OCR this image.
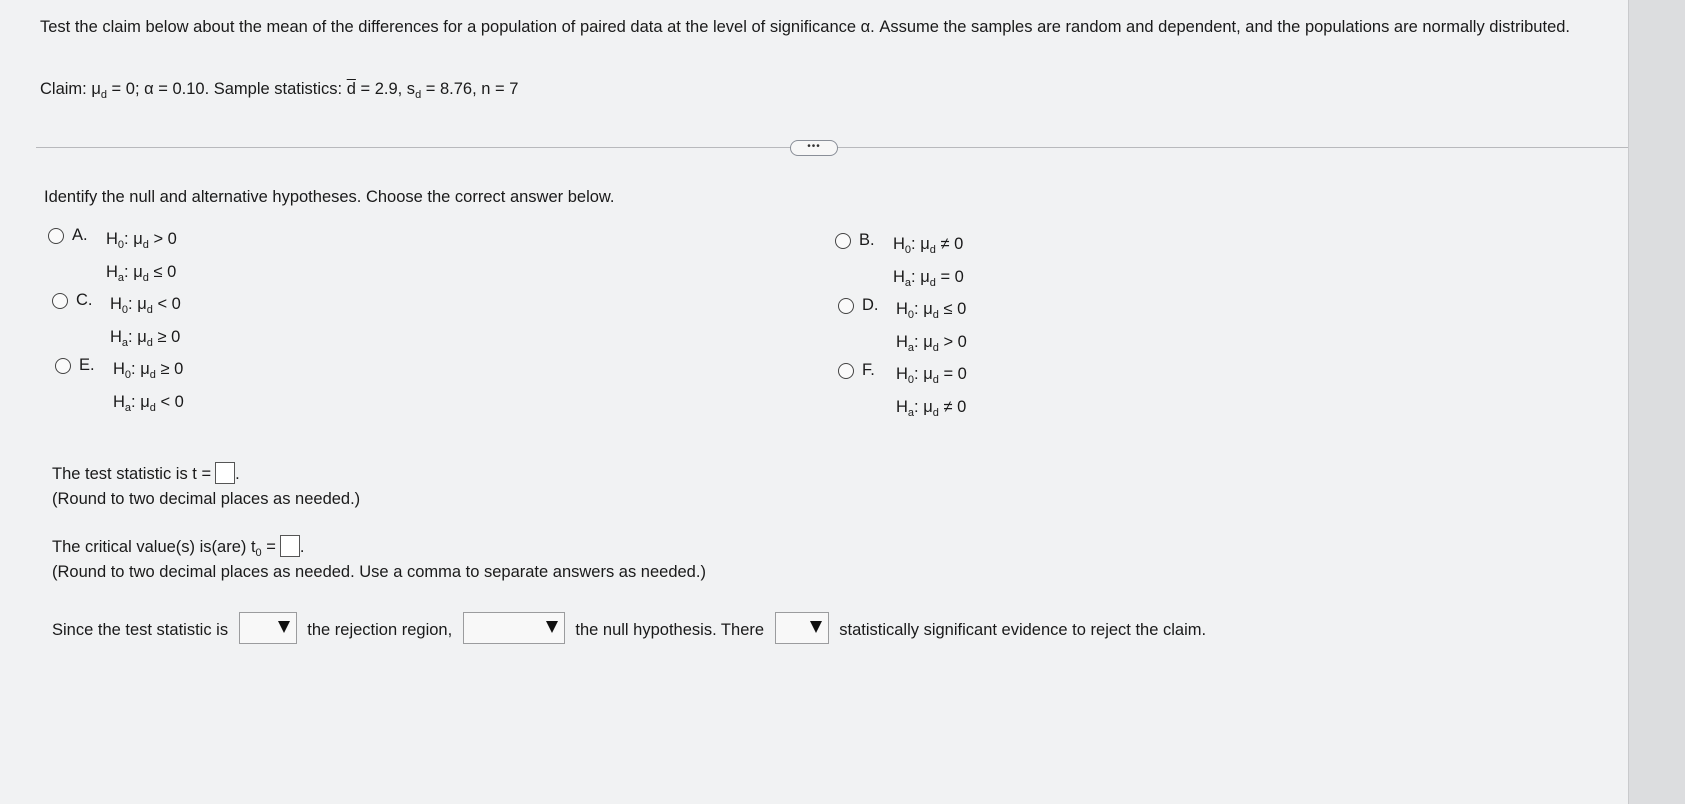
Test the claim below about the mean of the differences for a population of paired data at the level of significance α. Assume the samples are random and dependent, and the populations are normally distributed.
Claim: $\mu_d = 0$; α = 0.10. Sample statistics: $\overline{d} = 2.9$, $s_d = 8.76$, n = 7
•••
Identify the null and alternative hypotheses. Choose the correct answer below.
A. $H_0$: $\mu_d > 0$
$H_a$: $\mu_d \le 0$
B. $H_0$: $\mu_d \ne 0$
$H_a$: $\mu_d = 0$
C. $H_0$: $\mu_d < 0$
$H_a$: $\mu_d \ge 0$
D. $H_0$: $\mu_d \le 0$
$H_a$: $\mu_d > 0$
E. $H_0$: $\mu_d \ge 0$
$H_a$: $\mu_d < 0$
F. $H_0$: $\mu_d = 0$
$H_a$: $\mu_d \ne 0$
The test statistic is t = .
(Round to two decimal places as needed.)
The critical value(s) is(are) $t_0$ = .
(Round to two decimal places as needed. Use a comma to separate answers as needed.)
Since the test statistic is	the rejection region,	the null hypothesis. There	statistically significant evidence to reject the claim.
